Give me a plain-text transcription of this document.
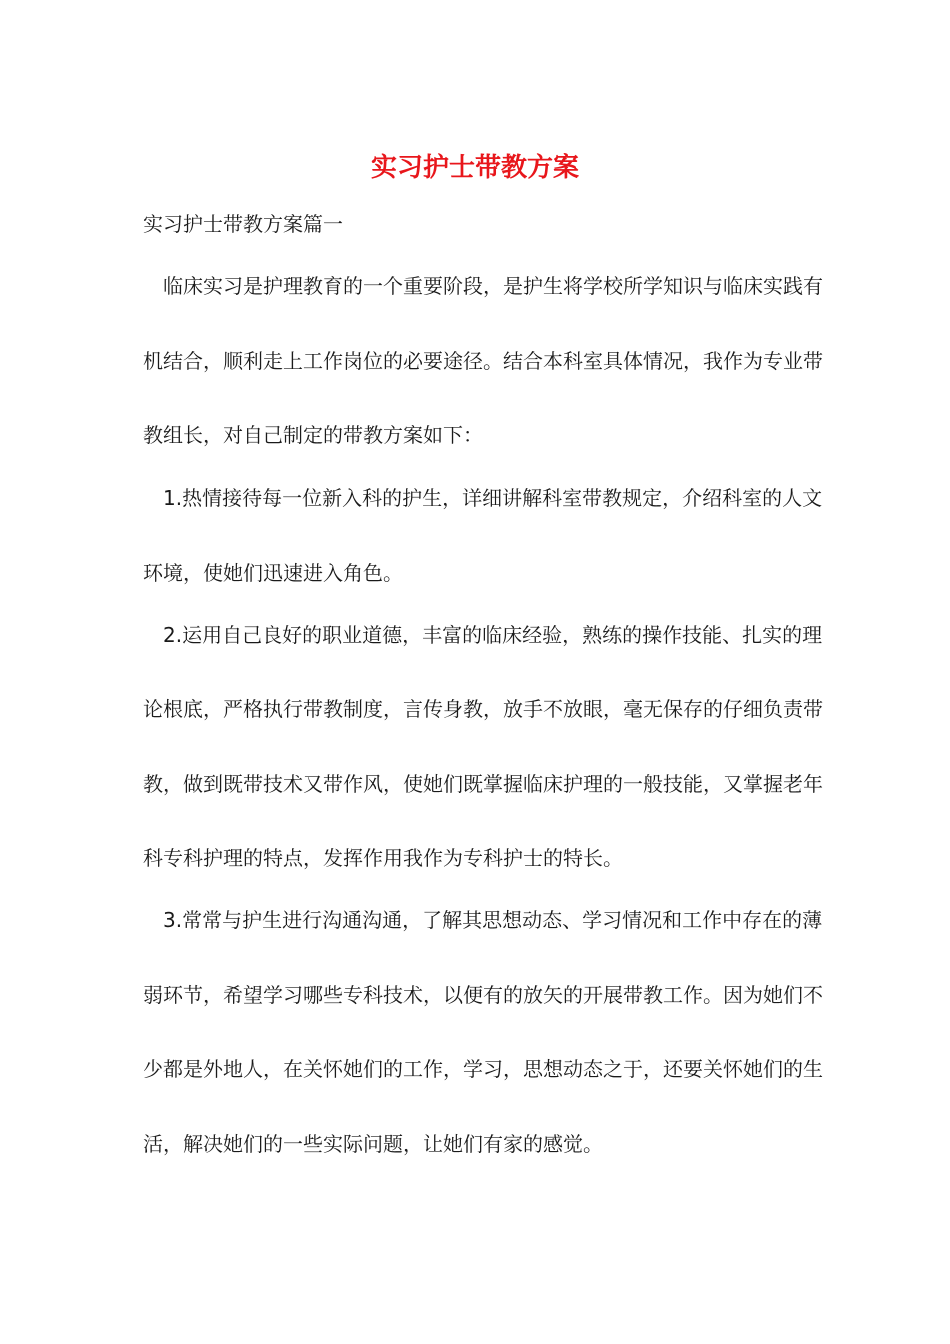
实习护士带教方案
实习护士带教方案篇一
　临床实习是护理教育的一个重要阶段，是护生将学校所学知识与临床实践有
机结合，顺利走上工作岗位的必要途径。结合本科室具体情况，我作为专业带
教组长，对自己制定的带教方案如下：
　1.热情接待每一位新入科的护生，详细讲解科室带教规定，介绍科室的人文
环境，使她们迅速进入角色。
　2.运用自己良好的职业道德，丰富的临床经验，熟练的操作技能、扎实的理
论根底，严格执行带教制度，言传身教，放手不放眼，毫无保存的仔细负责带
教，做到既带技术又带作风，使她们既掌握临床护理的一般技能，又掌握老年
科专科护理的特点，发挥作用我作为专科护士的特长。
　3.常常与护生进行沟通沟通，了解其思想动态、学习情况和工作中存在的薄
弱环节，希望学习哪些专科技术，以便有的放矢的开展带教工作。因为她们不
少都是外地人，在关怀她们的工作，学习，思想动态之于，还要关怀她们的生
活，解决她们的一些实际问题，让她们有家的感觉。
